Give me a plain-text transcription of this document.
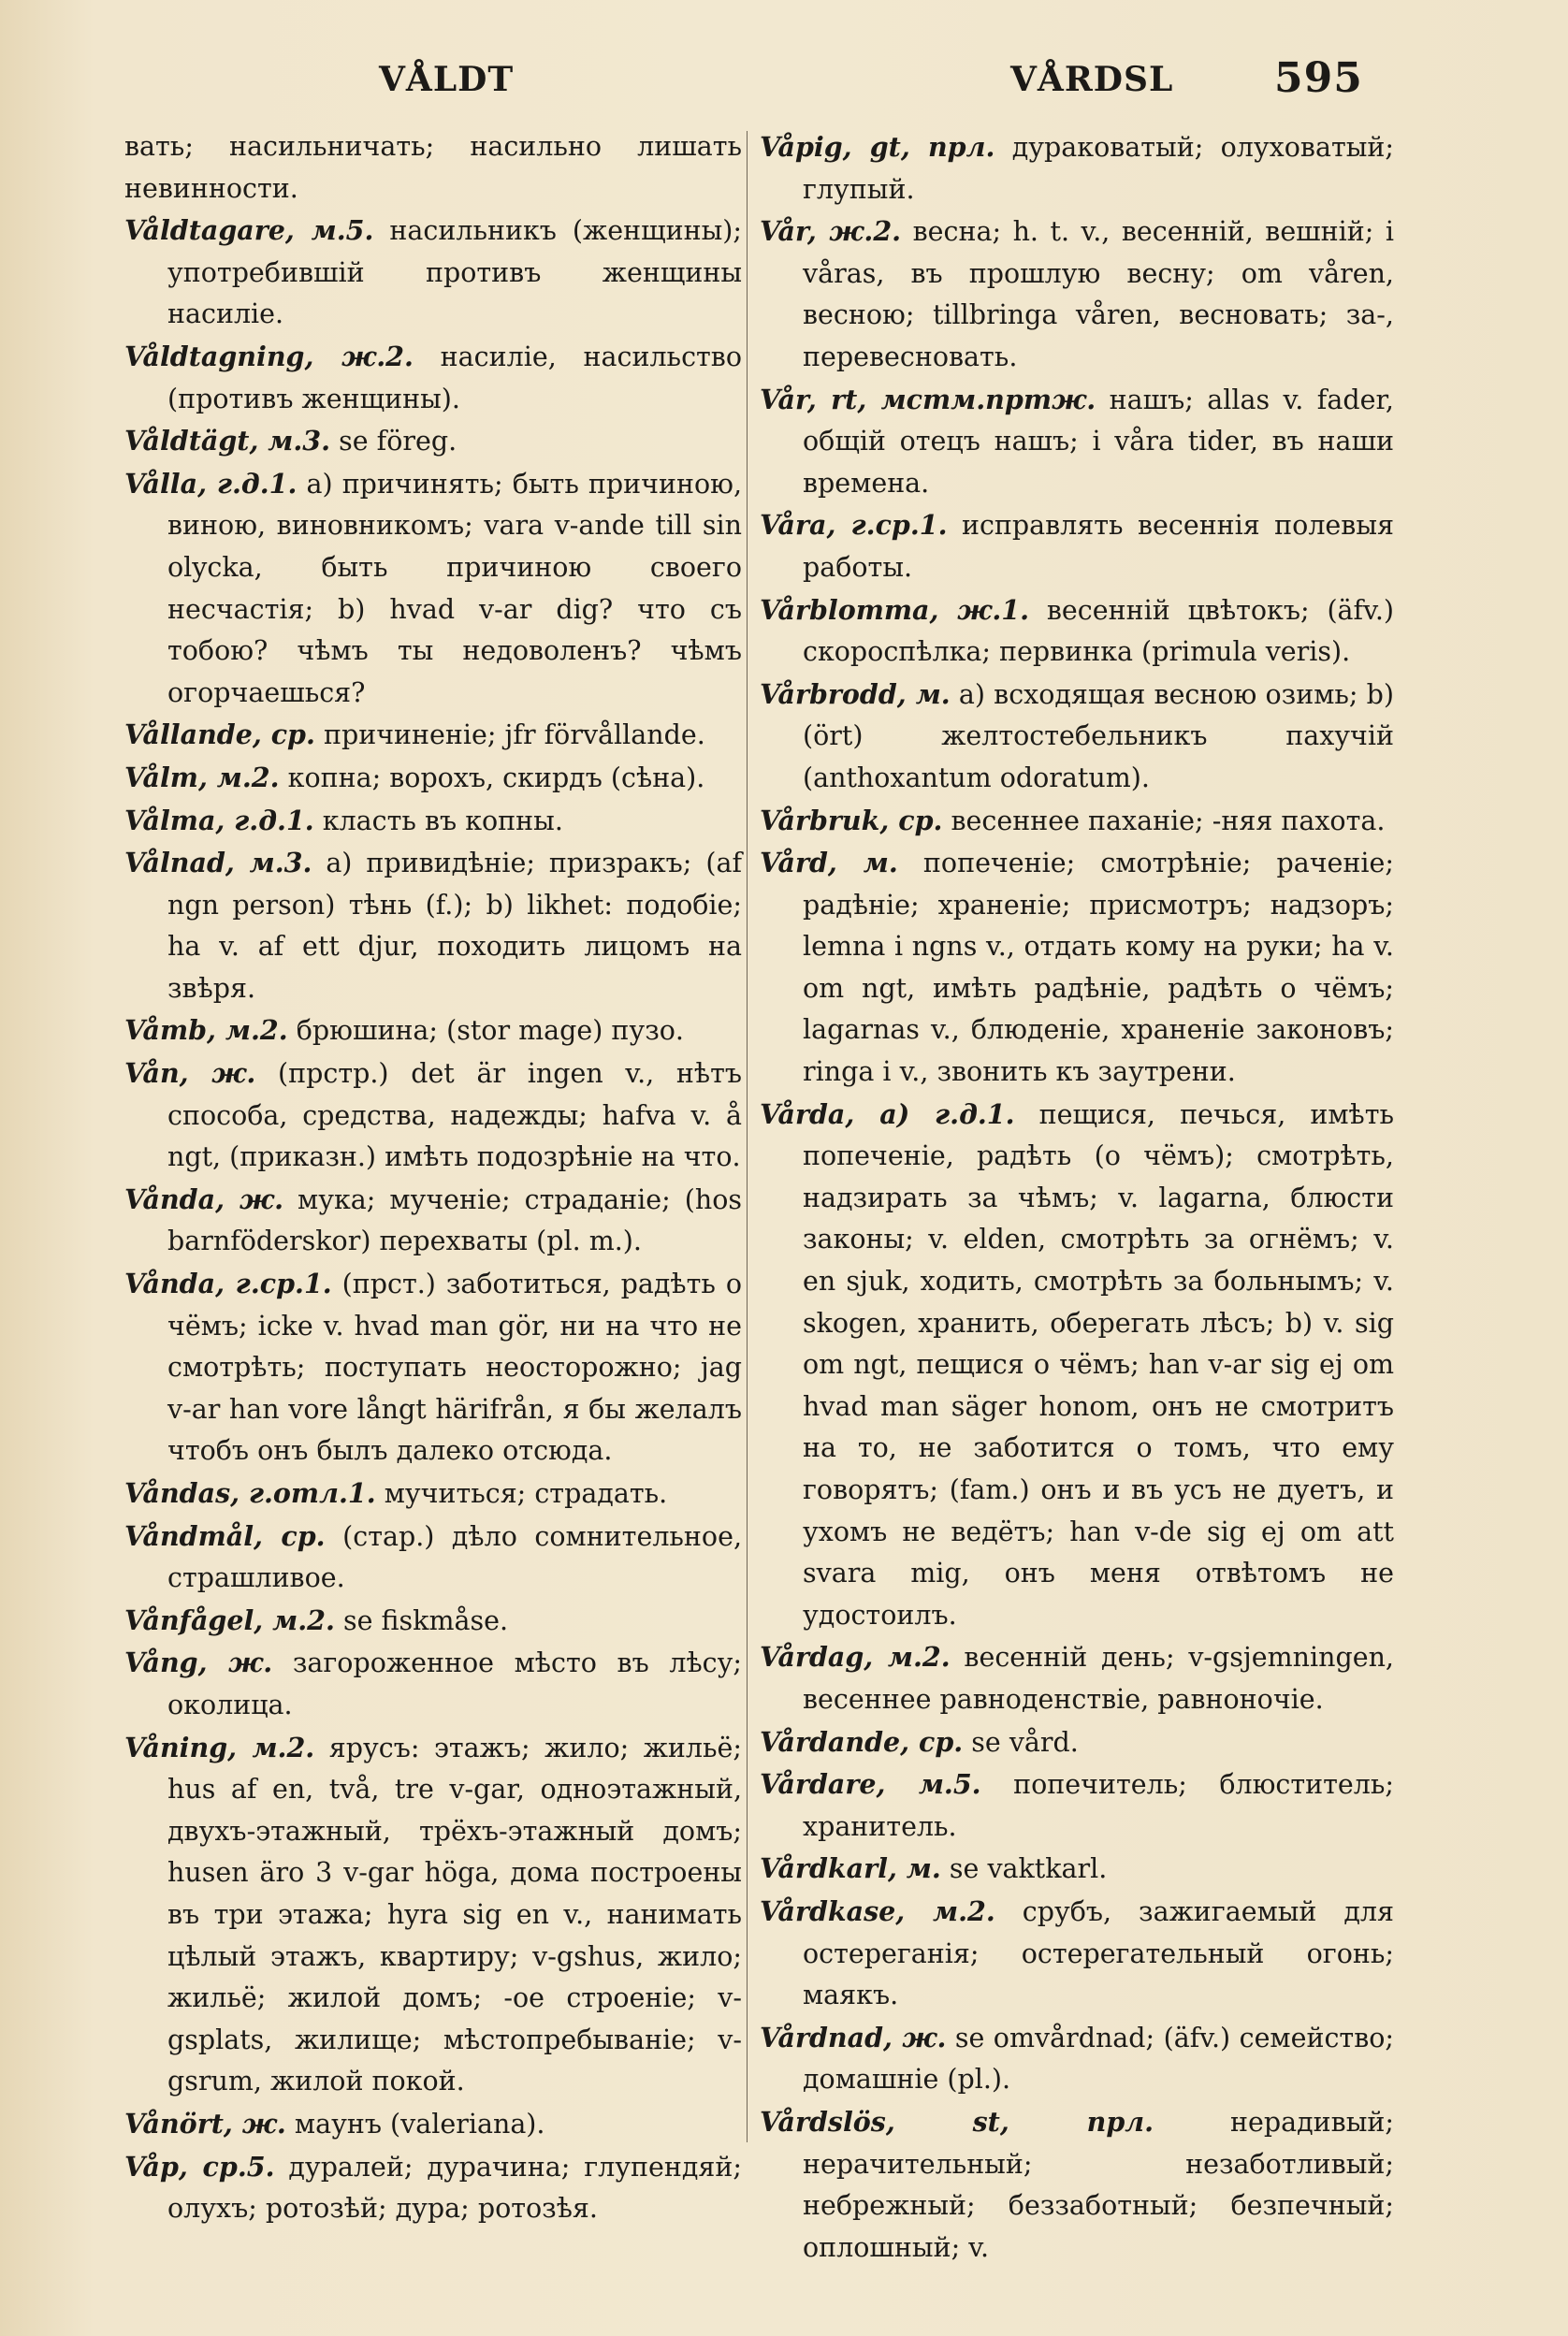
VÅLDT	VÅRDSL 595

вать; насильничать; насильно лишать невинности.

Våldtagare, м.5. насильникъ (женщины); употребившій противъ женщины насиліе.

Våldtagning, ж.2. насиліе, насильство (противъ женщины).

Våldtägt, м.3. se föreg.

Vålla, г.д.1. a) причинять; быть причиною, виною, виновникомъ; vara v-ande till sin olycka, быть причиною своего несчастія; b) hvad v-ar dig? что съ тобою? чѣмъ ты недоволенъ? чѣмъ огорчаешься?

Vållande, ср. причиненіе; jfr förvållande.

Vålm, м.2. копна; ворохъ, скирдъ (сѣна).

Vålma, г.д.1. класть въ копны.

Vålnad, м.3. a) привидѣніе; призракъ; (af ngn person) тѣнь (f.); b) likhet: подобіе; ha v. af ett djur, походить лицомъ на звѣря.

Våmb, м.2. брюшина; (stor mage) пузо.

Vån, ж. (прстр.) det är ingen v., нѣтъ способа, средства, надежды; hafva v. å ngt, (приказн.) имѣть подозрѣніе на что.

Vånda, ж. мука; мученіе; страданіе; (hos barnföderskor) перехваты (pl. m.).

Vånda, г.ср.1. (прст.) заботиться, радѣть о чёмъ; icke v. hvad man gör, ни на что не смотрѣть; поступать неосторожно; jag v-ar han vore långt härifrån, я бы желалъ чтобъ онъ былъ далеко отсюда.

Våndas, г.отл.1. мучиться; страдать.

Våndmål, ср. (стар.) дѣло сомнительное, страшливое.

Vånfågel, м.2. se fiskmåse.

Vång, ж. загороженное мѣсто въ лѣсу; околица.

Våning, м.2. ярусъ: этажъ; жило; жильё; hus af en, två, tre v-gar, одноэтажный, двухъ-этажный, трёхъ-этажный домъ; husen äro 3 v-gar höga, дома построены въ три этажа; hyra sig en v., нанимать цѣлый этажъ, квартиру; v-gshus, жило; жильё; жилой домъ; -ое строеніе; v-gsplats, жилище; мѣстопребываніе; v-gsrum, жилой покой.

Vånört, ж. маунъ (valeriana).

Våp, ср.5. дуралей; дурачина; глупендяй; олухъ; ротозѣй; дура; ротозѣя.

Våpig, gt, прл. дураковатый; олуховатый; глупый.

Vår, ж.2. весна; h. t. v., весенній, вешній; i våras, въ прошлую весну; om våren, весною; tillbringa våren, весновать; за-, перевесновать.

Vår, rt, мстм.пртж. нашъ; allas v. fader, общій отецъ нашъ; i våra tider, въ наши времена.

Våra, г.ср.1. исправлять весеннія полевыя работы.

Vårblomma, ж.1. весенній цвѣтокъ; (äfv.) скороспѣлка; первинка (primula veris).

Vårbrodd, м. a) всходящая весною озимь; b) (ört) желтостебельникъ пахучій (anthoxantum odoratum).

Vårbruk, ср. весеннее паханіе; -няя пахота.

Vård, м. попеченіе; смотрѣніе; раченіе; радѣніе; храненіе; присмотръ; надзоръ; lemna i ngns v., отдать кому на руки; ha v. om ngt, имѣть радѣніе, радѣть о чёмъ; lagarnas v., блюденіе, храненіе законовъ; ringa i v., звонить къ заутрени.

Vårda, a) г.д.1. пещися, печься, имѣть попеченіе, радѣть (о чёмъ); смотрѣть, надзирать за чѣмъ; v. lagarna, блюсти законы; v. elden, смотрѣть за огнёмъ; v. en sjuk, ходить, смотрѣть за больнымъ; v. skogen, хранить, оберегать лѣсъ; b) v. sig om ngt, пещися о чёмъ; han v-ar sig ej om hvad man säger honom, онъ не смотритъ на то, не заботится о томъ, что ему говорятъ; (fam.) онъ и въ усъ не дуетъ, и ухомъ не ведётъ; han v-de sig ej om att svara mig, онъ меня отвѣтомъ не удостоилъ.

Vårdag, м.2. весенній день; v-gsjemningen, весеннее равноденствіе, равноночіе.

Vårdande, ср. se vård.

Vårdare, м.5. попечитель; блюститель; хранитель.

Vårdkarl, м. se vaktkarl.

Vårdkase, м.2. срубъ, зажигаемый для остереганія; остерегательный огонь; маякъ.

Vårdnad, ж. se omvårdnad; (äfv.) семейство; домашніе (pl.).

Vårdslös, st, прл.	нерадивый; нерачительный; незаботливый; небрежный; беззаботный; безпечный; оплошный; v.
